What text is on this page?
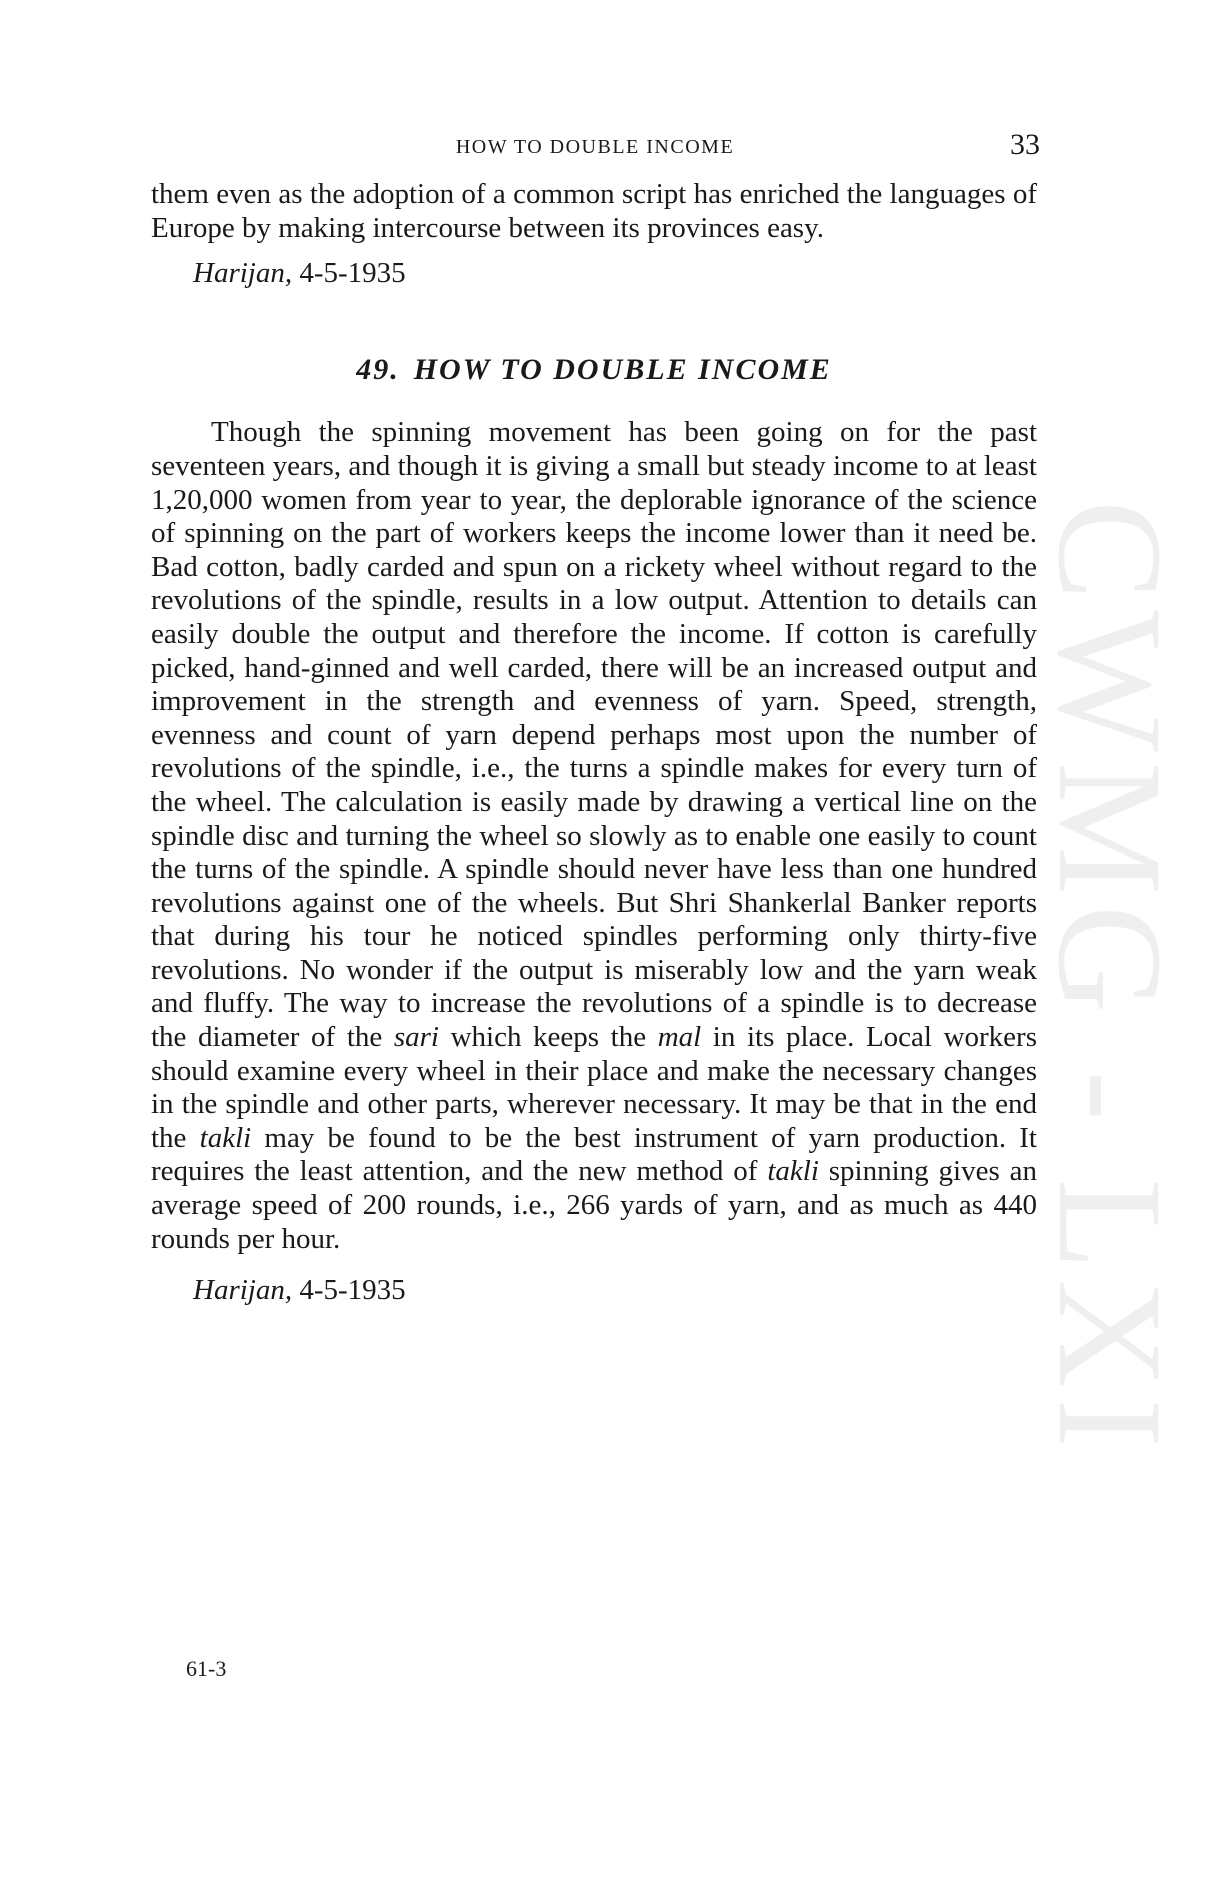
CWMG - LXI
HOW TO DOUBLE INCOME	33

them even as the adoption of a common script has enriched the languages of Europe by making intercourse between its provinces easy.

Harijan, 4-5-1935
49. HOW TO DOUBLE INCOME

Though the spinning movement has been going on for the past seventeen years, and though it is giving a small but steady income to at least 1,20,000 women from year to year, the deplorable ignorance of the science of spinning on the part of workers keeps the income lower than it need be. Bad cotton, badly carded and spun on a rickety wheel without regard to the revolutions of the spindle, results in a low output. Attention to details can easily double the output and therefore the income. If cotton is carefully picked, hand-ginned and well carded, there will be an increased output and improvement in the strength and evenness of yarn. Speed, strength, evenness and count of yarn depend perhaps most upon the number of revolutions of the spindle, i.e., the turns a spindle makes for every turn of the wheel. The calculation is easily made by drawing a vertical line on the spindle disc and turning the wheel so slowly as to enable one easily to count the turns of the spindle. A spindle should never have less than one hundred revolutions against one of the wheels. But Shri Shankerlal Banker reports that during his tour he noticed spindles performing only thirty-five revolutions. No wonder if the output is miserably low and the yarn weak and fluffy. The way to increase the revolutions of a spindle is to decrease the diameter of the sari which keeps the mal in its place. Local workers should examine every wheel in their place and make the necessary changes in the spindle and other parts, wherever necessary. It may be that in the end the takli may be found to be the best instrument of yarn production. It requires the least attention, and the new method of takli spinning gives an average speed of 200 rounds, i.e., 266 yards of yarn, and as much as 440 rounds per hour.

Harijan, 4-5-1935
61-3
